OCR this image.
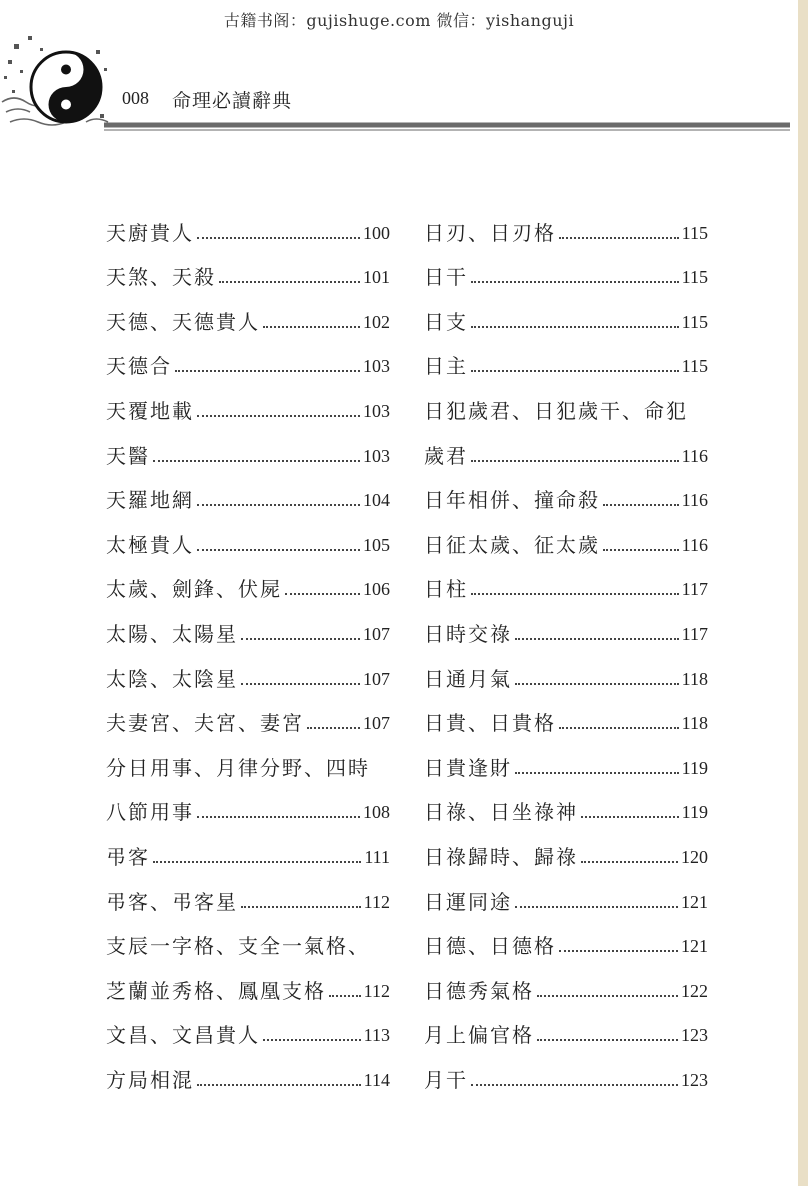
古籍书阁：gujishuge.com 微信：yishanguji
008 命理必讀辭典
天廚貴人	100
天煞、天殺	101
天德、天德貴人	102
天德合	103
天覆地載	103
天醫	103
天羅地網	104
太極貴人	105
太歲、劍鋒、伏屍	106
太陽、太陽星	107
太陰、太陰星	107
夫妻宮、夫宮、妻宮	107
分日用事、月律分野、四時
八節用事	108
弔客	111
弔客、弔客星	112
支辰一字格、支全一氣格、
芝蘭並秀格、鳳凰支格 112
文昌、文昌貴人	113
方局相混	114
日刃、日刃格	115
日干	115
日支	115
日主	115
日犯歲君、日犯歲干、命犯
歲君	116
日年相併、撞命殺	116
日征太歲、征太歲	116
日柱	117
日時交祿	117
日通月氣	118
日貴、日貴格	118
日貴逢財	119
日祿、日坐祿神	119
日祿歸時、歸祿	120
日運同途	121
日德、日德格	121
日德秀氣格	122
月上偏官格	123
月干	123
